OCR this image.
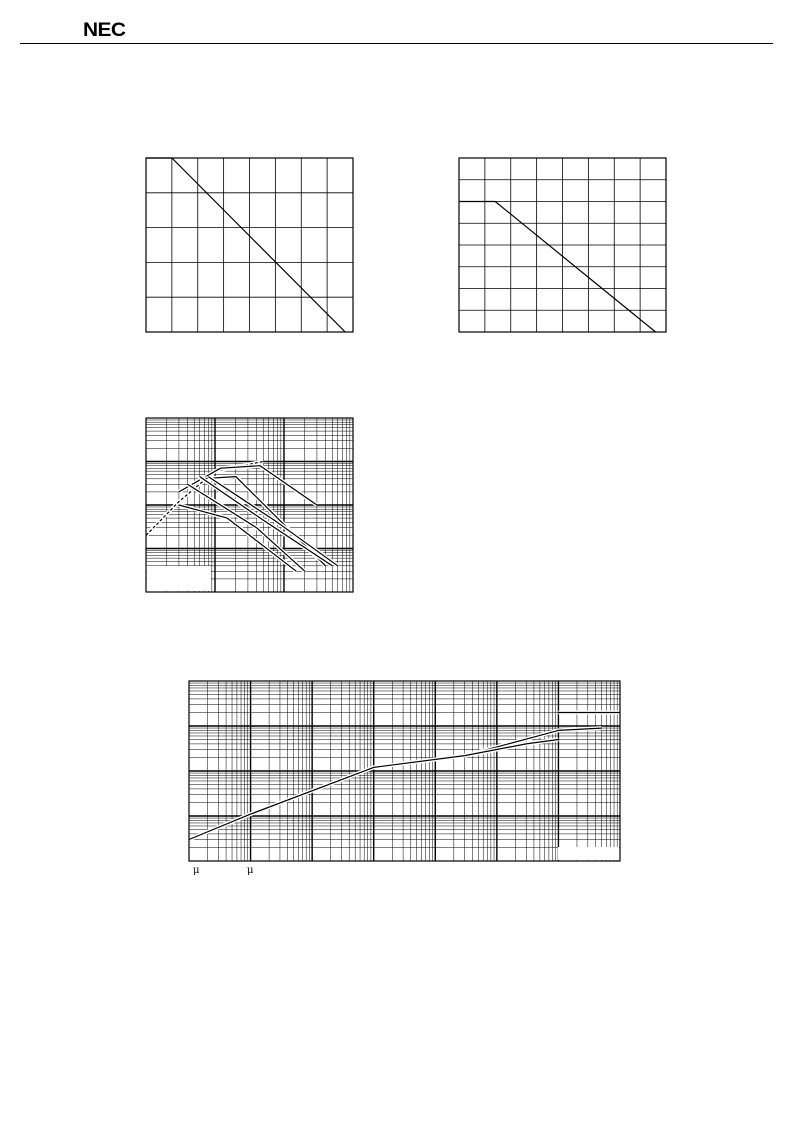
NEC
μ	μ
